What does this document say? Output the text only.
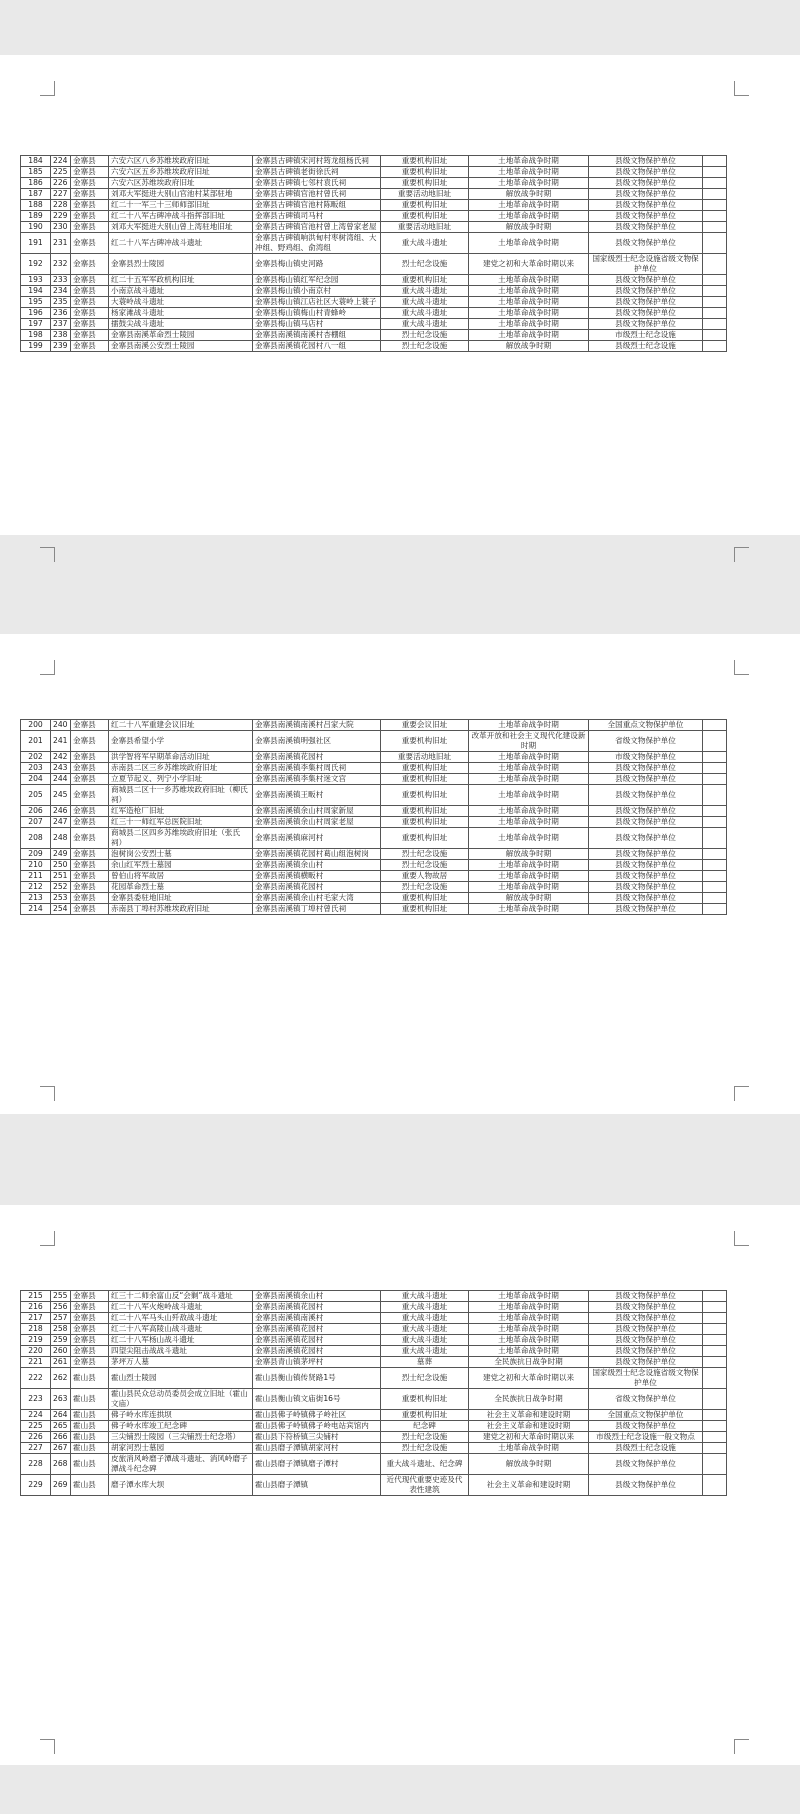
184	224	金寨县	六安六区八乡苏维埃政府旧址	金寨县古碑镇宋河村筠龙组杨氏祠	重要机构旧址	土地革命战争时期	县级文物保护单位	
185	225	金寨县	六安六区五乡苏维埃政府旧址	金寨县古碑镇老街徐氏祠	重要机构旧址	土地革命战争时期	县级文物保护单位	
186	226	金寨县	六安六区苏维埃政府旧址	金寨县古碑镇七邻村袁氏祠	重要机构旧址	土地革命战争时期	县级文物保护单位	
187	227	金寨县	刘邓大军挺进大别山官池村某部驻地	金寨县古碑镇官池村曾氏祠	重要活动地旧址	解放战争时期	县级文物保护单位	
188	228	金寨县	红二十一军三十三师师部旧址	金寨县古碑镇官池村陈畈组	重要机构旧址	土地革命战争时期	县级文物保护单位	
189	229	金寨县	红二十八军古碑冲战斗指挥部旧址	金寨县古碑镇司马村	重要机构旧址	土地革命战争时期	县级文物保护单位	
190	230	金寨县	刘邓大军挺进大别山曾上湾驻地旧址	金寨县古碑镇官池村曾上湾曾家老屋	重要活动地旧址	解放战争时期	县级文物保护单位	
191	231	金寨县	红二十八军古碑冲战斗遗址	金寨县古碑镇响洪甸村枣树湾组、大冲组、野鸡组、俞湾组	重大战斗遗址	土地革命战争时期	县级文物保护单位	
192	232	金寨县	金寨县烈士陵园	金寨县梅山镇史河路	烈士纪念设施	建党之初和大革命时期以来	国家级烈士纪念设施省级文物保护单位	
193	233	金寨县	红二十五军军政机构旧址	金寨县梅山镇红军纪念园	重要机构旧址	土地革命战争时期	县级文物保护单位	
194	234	金寨县	小南京战斗遗址	金寨县梅山镇小南京村	重大战斗遗址	土地革命战争时期	县级文物保护单位	
195	235	金寨县	大蓑岭战斗遗址	金寨县梅山镇江店社区大蓑岭上蓑子	重大战斗遗址	土地革命战争时期	县级文物保护单位	
196	236	金寨县	杨家滩战斗遗址	金寨县梅山镇梅山村青蜂岭	重大战斗遗址	土地革命战争时期	县级文物保护单位	
197	237	金寨县	擂鼓尖战斗遗址	金寨县梅山镇马店村	重大战斗遗址	土地革命战争时期	县级文物保护单位	
198	238	金寨县	金寨县南溪革命烈士陵园	金寨县南溪镇南溪村杏棚组	烈士纪念设施	土地革命战争时期	市级烈士纪念设施	
199	239	金寨县	金寨县南溪公安烈士陵园	金寨县南溪镇花园村八一组	烈士纪念设施	解放战争时期	县级烈士纪念设施	
200	240	金寨县	红二十八军重建会议旧址	金寨县南溪镇南溪村吕家大院	重要会议旧址	土地革命战争时期	全国重点文物保护单位	
201	241	金寨县	金寨县希望小学	金寨县南溪镇明强社区	重要机构旧址	改革开放和社会主义现代化建设新时期	省级文物保护单位	
202	242	金寨县	洪学智将军早期革命活动旧址	金寨县南溪镇花园村	重要活动地旧址	土地革命战争时期	市级文物保护单位	
203	243	金寨县	赤南县二区三乡苏维埃政府旧址	金寨县南溪镇李集村周氏祠	重要机构旧址	土地革命战争时期	县级文物保护单位	
204	244	金寨县	立夏节起义、列宁小学旧址	金寨县南溪镇李集村迷文宫	重要机构旧址	土地革命战争时期	县级文物保护单位	
205	245	金寨县	商城县二区十一乡苏维埃政府旧址（柳氏祠）	金寨县南溪镇王畈村	重要机构旧址	土地革命战争时期	县级文物保护单位	
206	246	金寨县	红军造枪厂旧址	金寨县南溪镇余山村周家新屋	重要机构旧址	土地革命战争时期	县级文物保护单位	
207	247	金寨县	红三十一师红军总医院旧址	金寨县南溪镇余山村周家老屋	重要机构旧址	土地革命战争时期	县级文物保护单位	
208	248	金寨县	商城县二区四乡苏维埃政府旧址（张氏祠）	金寨县南溪镇麻河村	重要机构旧址	土地革命战争时期	县级文物保护单位	
209	249	金寨县	泡树岗公安烈士墓	金寨县南溪镇花园村葛山组泡树岗	烈士纪念设施	解放战争时期	县级文物保护单位	
210	250	金寨县	余山红军烈士墓园	金寨县南溪镇余山村	烈士纪念设施	土地革命战争时期	县级文物保护单位	
211	251	金寨县	曾伯山将军故居	金寨县南溪镇横畈村	重要人物故居	土地革命战争时期	县级文物保护单位	
212	252	金寨县	花园革命烈士墓	金寨县南溪镇花园村	烈士纪念设施	土地革命战争时期	县级文物保护单位	
213	253	金寨县	金寨县委驻地旧址	金寨县南溪镇余山村毛家大湾	重要机构旧址	解放战争时期	县级文物保护单位	
214	254	金寨县	赤南县丁埠村苏维埃政府旧址	金寨县南溪镇丁埠村曾氏祠	重要机构旧址	土地革命战争时期	县级文物保护单位	
215	255	金寨县	红三十二师余富山反“会剿”战斗遗址	金寨县南溪镇余山村	重大战斗遗址	土地革命战争时期	县级文物保护单位	
216	256	金寨县	红二十八军火炮岭战斗遗址	金寨县南溪镇花园村	重大战斗遗址	土地革命战争时期	县级文物保护单位	
217	257	金寨县	红二十八军马头山歼敌战斗遗址	金寨县南溪镇南溪村	重大战斗遗址	土地革命战争时期	县级文物保护单位	
218	258	金寨县	红二十八军高陵山战斗遗址	金寨县南溪镇花园村	重大战斗遗址	土地革命战争时期	县级文物保护单位	
219	259	金寨县	红二十八军杨山战斗遗址	金寨县南溪镇花园村	重大战斗遗址	土地革命战争时期	县级文物保护单位	
220	260	金寨县	四望尖阻击战战斗遗址	金寨县南溪镇花园村	重大战斗遗址	土地革命战争时期	县级文物保护单位	
221	261	金寨县	茅坪万人墓	金寨县青山镇茅坪村	墓葬	全民族抗日战争时期	县级文物保护单位	
222	262	霍山县	霍山烈士陵园	霍山县衡山镇传贤路1号	烈士纪念设施	建党之初和大革命时期以来	国家级烈士纪念设施省级文物保护单位	
223	263	霍山县	霍山县民众总动员委员会成立旧址（霍山文庙）	霍山县衡山镇文庙街16号	重要机构旧址	全民族抗日战争时期	省级文物保护单位	
224	264	霍山县	佛子岭水库连拱坝	霍山县佛子岭镇佛子岭社区	重要机构旧址	社会主义革命和建设时期	全国重点文物保护单位	
225	265	霍山县	佛子岭水库竣工纪念碑	霍山县佛子岭镇佛子岭电站宾馆内	纪念碑	社会主义革命和建设时期	县级文物保护单位	
226	266	霍山县	三尖铺烈士陵园（三尖铺烈士纪念塔）	霍山县下符桥镇三尖铺村	烈士纪念设施	建党之初和大革命时期以来	市级烈士纪念设施一般文物点	
227	267	霍山县	胡家河烈士墓园	霍山县磨子潭镇胡家河村	烈士纪念设施	土地革命战争时期	县级烈士纪念设施	
228	268	霍山县	皮旅消风岭磨子潭战斗遗址、消风岭磨子潭战斗纪念碑	霍山县磨子潭镇磨子潭村	重大战斗遗址、纪念碑	解放战争时期	县级文物保护单位	
229	269	霍山县	磨子潭水库大坝	霍山县磨子潭镇	近代现代重要史迹及代表性建筑	社会主义革命和建设时期	县级文物保护单位	
